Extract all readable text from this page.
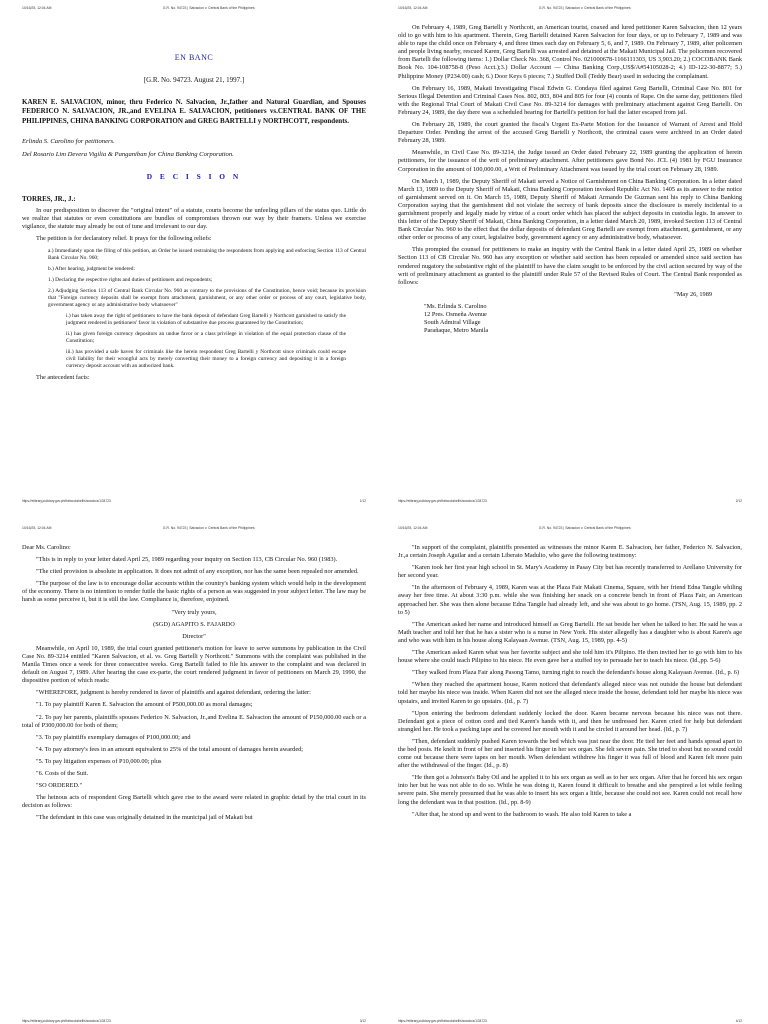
10/16/25, 12:04 AM	G.R. No. 94723 | Salvacion v. Central Bank of the Philippines
EN BANC
[G.R. No. 94723. August 21, 1997.]
KAREN E. SALVACION, minor, thru Federico N. Salvacion, Jr.,father and Natural Guardian, and Spouses FEDERICO N. SALVACION, JR.,and EVELINA E. SALVACION, petitioners vs.CENTRAL BANK OF THE PHILIPPINES, CHINA BANKING CORPORATION and GREG BARTELLI y NORTHCOTT, respondents.
Erlinda S. Carolino for petitioners.
Del Rosario Lim Devera Vigilia & Panganiban for China Banking Corporation.
D E C I S I O N
TORRES, JR., J.:

In our predisposition to discover the "original intent" of a statute, courts become the unfeeling pillars of the status quo. Little do we realize that statutes or even constitutions are bundles of compromises thrown our way by their framers. Unless we exercise vigilance, the statute may already be out of tune and irrelevant to our day.

The petition is for declaratory relief. It prays for the following reliefs:

a.) Immediately upon the filing of this petition, an Order be issued restraining the respondents from applying and enforcing Section 113 of Central Bank Circular No. 960;

b.) After hearing, judgment be rendered:

1.) Declaring the respective rights and duties of petitioners and respondents;

2.) Adjudging Section 113 of Central Bank Circular No. 960 as contrary to the provisions of the Constitution, hence void; because its provision that "Foreign currency deposits shall be exempt from attachment, garnishment, or any other order or process of any court, legislative body, government agency or any administrative body whatsoever"

i.) has taken away the right of petitioners to have the bank deposit of defendant Greg Bartelli y Northcott garnished to satisfy the judgment rendered in petitioners' favor in violation of substantive due process guaranteed by the Constitution;

ii.) has given foreign currency depositors an undue favor or a class privilege in violation of the equal protection clause of the Constitution;

iii.) has provided a safe haven for criminals like the herein respondent Greg Bartelli y Northcott since criminals could escape civil liability for their wrongful acts by merely converting their money to a foreign currency and depositing it in a foreign currency deposit account with an authorized bank.

The antecedent facts:

https://elibrary.judiciary.gov.ph/thebookshelf/showdocs/1/34723	1/12
10/16/25, 12:04 AM	G.R. No. 94723 | Salvacion v. Central Bank of the Philippines

On February 4, 1989, Greg Bartelli y Northcott, an American tourist, coaxed and lured petitioner Karen Salvacion, then 12 years old to go with him to his apartment. Therein, Greg Bartelli detained Karen Salvacion for four days, or up to February 7, 1989 and was able to rape the child once on February 4, and three times each day on February 5, 6, and 7, 1989. On February 7, 1989, after policemen and people living nearby, rescued Karen, Greg Bartelli was arrested and detained at the Makati Municipal Jail. The policemen recovered from Bartelli the following items: 1.) Dollar Check No. 368, Control No. 021000678-1166111303, US 3,903.20; 2.) COCOBANK Bank Book No. 104-108758-8 (Peso Acct.);3.) Dollar Account — China Banking Corp.,US$/A#54105028-2; 4.) ID-122-30-8877; 5.) Philippine Money (P234.00) cash; 6.) Door Keys 6 pieces; 7.) Stuffed Doll (Teddy Bear) used in seducing the complainant.

On February 16, 1989, Makati Investigating Fiscal Edwin G. Condaya filed against Greg Bartelli, Criminal Case No. 801 for Serious Illegal Detention and Criminal Cases Nos. 802, 803, 804 and 805 for four (4) counts of Rape. On the same day, petitioners filed with the Regional Trial Court of Makati Civil Case No. 89-3214 for damages with preliminary attachment against Greg Bartelli. On February 24, 1989, the day there was a scheduled hearing for Bartelli's petition for bail the latter escaped from jail.

On February 28, 1989, the court granted the fiscal's Urgent Ex-Parte Motion for the Issuance of Warrant of Arrest and Hold Departure Order. Pending the arrest of the accused Greg Bartelli y Northcott, the criminal cases were archived in an Order dated February 28, 1989.

Meanwhile, in Civil Case No. 89-3214, the Judge issued an Order dated February 22, 1989 granting the application of herein petitioners, for the issuance of the writ of preliminary attachment. After petitioners gave Bond No. JCL (4) 1981 by FGU Insurance Corporation in the amount of 100,000.00, a Writ of Preliminary Attachment was issued by the trial court on February 28, 1989.

On March 1, 1989, the Deputy Sheriff of Makati served a Notice of Garnishment on China Banking Corporation. In a letter dated March 13, 1989 to the Deputy Sheriff of Makati, China Banking Corporation invoked Republic Act No. 1405 as its answer to the notice of garnishment served on it. On March 15, 1989, Deputy Sheriff of Makati Armando De Guzman sent his reply to China Banking Corporation saying that the garnishment did not violate the secrecy of bank deposits since the disclosure is merely incidental to a garnishment properly and legally made by virtue of a court order which has placed the subject deposits in custodia legis. In answer to this letter of the Deputy Sheriff of Makati, China Banking Corporation, in a letter dated March 20, 1989, invoked Section 113 of Central Bank Circular No. 960 to the effect that the dollar deposits of defendant Greg Bartelli are exempt from attachment, garnishment, or any other order or process of any court, legislative body, government agency or any administrative body, whatsoever.

This prompted the counsel for petitioners to make an inquiry with the Central Bank in a letter dated April 25, 1989 on whether Section 113 of CB Circular No. 960 has any exception or whether said section has been repealed or amended since said section has rendered nugatory the substantive right of the plaintiff to have the claim sought to be enforced by the civil action secured by way of the writ of preliminary attachment as granted to the plaintiff under Rule 57 of the Revised Rules of Court. The Central Bank responded as follows:

"May 26, 1989

"Ms. Erlinda S. Carolino

12 Pres. Osmeña Avenue

South Admiral Village

Parañaque, Metro Manila

https://elibrary.judiciary.gov.ph/thebookshelf/showdocs/1/34723	2/12
10/16/25, 12:04 AM	G.R. No. 94723 | Salvacion v. Central Bank of the Philippines

Dear Ms. Carolino:

"This is in reply to your letter dated April 25, 1989 regarding your inquiry on Section 113, CB Circular No. 960 (1983).

"The cited provision is absolute in application. It does not admit of any exception, nor has the same been repealed nor amended.

"The purpose of the law is to encourage dollar accounts within the country's banking system which would help in the development of the economy. There is no intention to render futile the basic rights of a person as was suggested in your subject letter. The law may be harsh as some perceive it, but it is still the law. Compliance is, therefore, enjoined.

"Very truly yours,

(SGD) AGAPITO S. FAJARDO

Director"

Meanwhile, on April 10, 1989, the trial court granted petitioner's motion for leave to serve summons by publication in the Civil Case No. 89-3214 entitled "Karen Salvacion, et al. vs. Greg Bartelli y Northcott." Summons with the complaint was published in the Manila Times once a week for three consecutive weeks. Greg Bartelli failed to file his answer to the complaint and was declared in default on August 7, 1989. After hearing the case ex-parte, the court rendered judgment in favor of petitioners on March 29, 1990, the dispositive portion of which reads:

"WHEREFORE, judgment is hereby rendered in favor of plaintiffs and against defendant, ordering the latter:

"1. To pay plaintiff Karen E. Salvacion the amount of P500,000.00 as moral damages;

"2. To pay her parents, plaintiffs spouses Federico N. Salvacion, Jr.,and Evelina E. Salvacion the amount of P150,000.00 each or a total of P300,000.00 for both of them;

"3. To pay plaintiffs exemplary damages of P100,000.00; and

"4. To pay attorney's fees in an amount equivalent to 25% of the total amount of damages herein awarded;

"5. To pay litigation expenses of P10,000.00; plus

"6. Costs of the Suit.

"SO ORDERED."

The heinous acts of respondent Greg Bartelli which gave rise to the award were related in graphic detail by the trial court in its decision as follows:

"The defendant in this case was originally detained in the municipal jail of Makati but

https://elibrary.judiciary.gov.ph/thebookshelf/showdocs/1/34723	3/12
10/16/25, 12:04 AM	G.R. No. 94723 | Salvacion v. Central Bank of the Philippines

"In support of the complaint, plaintiffs presented as witnesses the minor Karen E. Salvacion, her father, Federico N. Salvacion, Jr.,a certain Joseph Aguilar and a certain Liberato Madulio, who gave the following testimony:

"Karen took her first year high school in St. Mary's Academy in Pasay City but has recently transferred to Arellano University for her second year.

"In the afternoon of February 4, 1989, Karen was at the Plaza Fair Makati Cinema, Square, with her friend Edna Tangile whiling away her free time. At about 3:30 p.m. while she was finishing her snack on a concrete bench in front of Plaza Fair, an American approached her. She was then alone because Edna Tangile had already left, and she was about to go home. (TSN, Aug. 15, 1989, pp. 2 to 5)

"The American asked her name and introduced himself as Greg Bartelli. He sat beside her when he talked to her. He said he was a Math teacher and told her that he has a sister who is a nurse in New York. His sister allegedly has a daughter who is about Karen's age and who was with him in his house along Kalayaan Avenue. (TSN, Aug. 15, 1989, pp. 4-5)

"The American asked Karen what was her favorite subject and she told him it's Pilipino. He then invited her to go with him to his house where she could teach Pilipino to his niece. He even gave her a stuffed toy to persuade her to teach his niece. (Id.,pp. 5-6)

"They walked from Plaza Fair along Pasong Tamo, turning right to reach the defendant's house along Kalayaan Avenue. (Id., p. 6)

"When they reached the apartment house, Karen noticed that defendant's alleged niece was not outside the house but defendant told her maybe his niece was inside. When Karen did not see the alleged niece inside the house, defendant told her maybe his niece was upstairs, and invited Karen to go upstairs. (Id., p. 7)

"Upon entering the bedroom defendant suddenly locked the door. Karen became nervous because his niece was not there. Defendant got a piece of cotton cord and tied Karen's hands with it, and then he undressed her. Karen cried for help but defendant strangled her. He took a packing tape and he covered her mouth with it and he circled it around her head. (Id., p. 7)

"Then, defendant suddenly pushed Karen towards the bed which was just near the door. He tied her feet and hands spread apart to the bed posts. He knelt in front of her and inserted his finger in her sex organ. She felt severe pain. She tried to shout but no sound could come out because there were tapes on her mouth. When defendant withdrew his finger it was full of blood and Karen felt more pain after the withdrawal of the finger. (Id., p. 8)

"He then got a Johnson's Baby Oil and he applied it to his sex organ as well as to her sex organ. After that he forced his sex organ into her but he was not able to do so. While he was doing it, Karen found it difficult to breathe and she perspired a lot while feeling severe pain. She merely presumed that he was able to insert his sex organ a little, because she could not see. Karen could not recall how long the defendant was in that position. (Id., pp. 8-9)

"After that, he stood up and went to the bathroom to wash. He also told Karen to take a

https://elibrary.judiciary.gov.ph/thebookshelf/showdocs/1/34723	4/12
